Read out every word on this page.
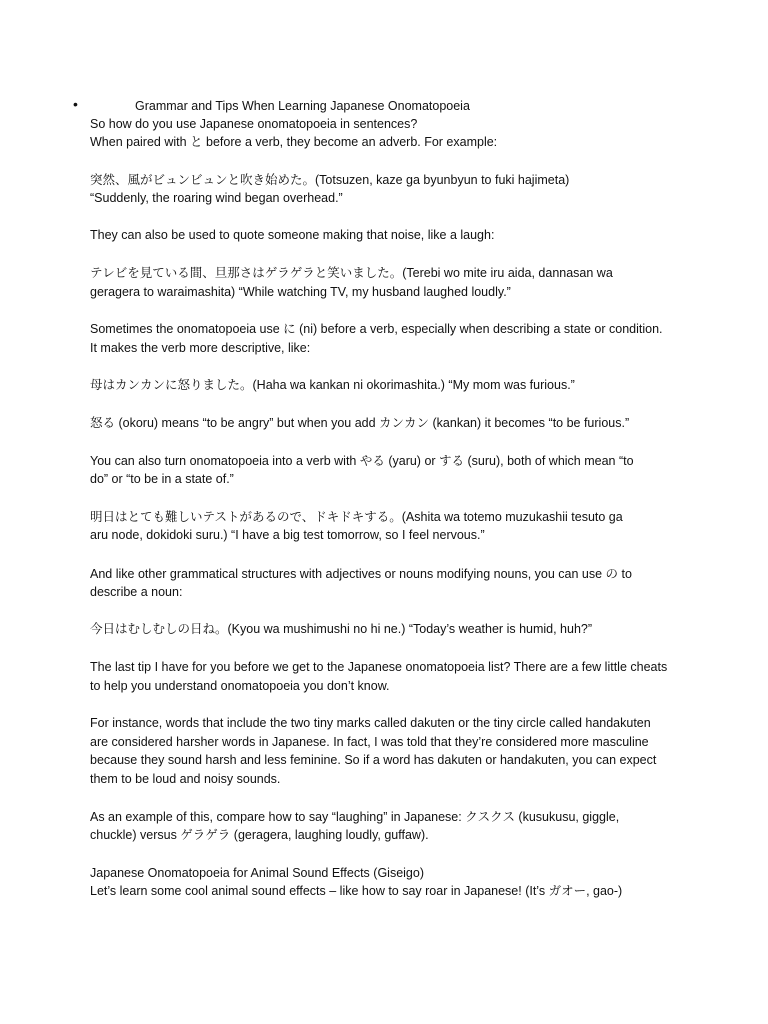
•	Grammar and Tips When Learning Japanese Onomatopoeia
So how do you use Japanese onomatopoeia in sentences?
When paired with と before a verb, they become an adverb. For example:
突然、風がビュンビュンと吹き始めた。(Totsuzen, kaze ga byunbyun to fuki hajimeta)
“Suddenly, the roaring wind began overhead.”
They can also be used to quote someone making that noise, like a laugh:
テレビを見ている間、旦那さはゲラゲラと笑いました。(Terebi wo mite iru aida, dannasan wa
geragera to waraimashita) “While watching TV, my husband laughed loudly.”
Sometimes the onomatopoeia use に (ni) before a verb, especially when describing a state or condition.
It makes the verb more descriptive, like:
母はカンカンに怒りました。(Haha wa kankan ni okorimashita.) “My mom was furious.”
怒る (okoru) means “to be angry” but when you add カンカン (kankan) it becomes “to be furious.”
You can also turn onomatopoeia into a verb with やる (yaru) or する (suru), both of which mean “to
do” or “to be in a state of.”
明日はとても難しいテストがあるので、ドキドキする。(Ashita wa totemo muzukashii tesuto ga
aru node, dokidoki suru.) “I have a big test tomorrow, so I feel nervous.”
And like other grammatical structures with adjectives or nouns modifying nouns, you can use の to
describe a noun:
今日はむしむしの日ね。(Kyou wa mushimushi no hi ne.) “Today’s weather is humid, huh?”
The last tip I have for you before we get to the Japanese onomatopoeia list? There are a few little cheats
to help you understand onomatopoeia you don’t know.
For instance, words that include the two tiny marks called dakuten or the tiny circle called handakuten
are considered harsher words in Japanese. In fact, I was told that they’re considered more masculine
because they sound harsh and less feminine. So if a word has dakuten or handakuten, you can expect
them to be loud and noisy sounds.
As an example of this, compare how to say “laughing” in Japanese: クスクス (kusukusu, giggle,
chuckle) versus ゲラゲラ (geragera, laughing loudly, guffaw).
Japanese Onomatopoeia for Animal Sound Effects (Giseigo)
Let’s learn some cool animal sound effects – like how to say roar in Japanese! (It’s ガオー, gao-)
